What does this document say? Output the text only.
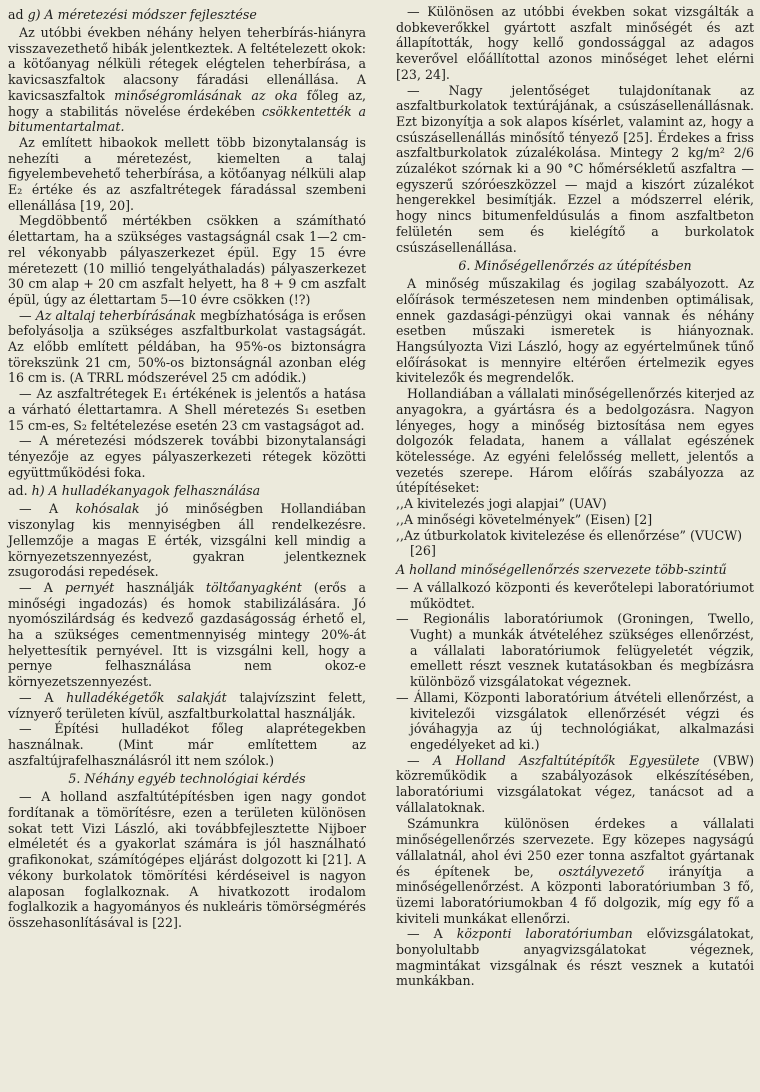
ad g) A méretezési módszer fejlesztése

Az utóbbi években néhány helyen teherbírás-hiányra visszavezethető hibák jelentkeztek. A feltételezett okok: a kötőanyag nélküli rétegek elégtelen teherbírása, a kavicsaszfaltok alacsony fáradási ellenállása. A kavicsaszfaltok minőségromlásának az oka főleg az, hogy a stabilitás növelése érdekében csökkentették a bitumentartalmat.

Az említett hibaokok mellett több bizonytalanság is nehezíti a méretezést, kiemelten a talaj figyelembevehető teherbírása, a kötőanyag nélküli alap E₂ értéke és az aszfaltrétegek fáradással szembeni ellenállása [19, 20].

Megdöbbentő mértékben csökken a számítható élettartam, ha a szükséges vastagságnál csak 1—2 cm-rel vékonyabb pályaszerkezet épül. Egy 15 évre méretezett (10 millió tengelyáthaladás) pályaszerkezet 30 cm alap + 20 cm aszfalt helyett, ha 8 + 9 cm aszfalt épül, úgy az élettartam 5—10 évre csökken (!?)

— Az altalaj teherbírásának megbízhatósága is erősen befolyásolja a szükséges aszfaltburkolat vastagságát. Az előbb említett példában, ha 95%-os biztonságra törekszünk 21 cm, 50%-os biztonságnál azonban elég 16 cm is. (A TRRL módszerével 25 cm adódik.)

— Az aszfaltrétegek E₁ értékének is jelentős a hatása a várható élettartamra. A Shell méretezés S₁ esetben 15 cm-es, S₂ feltételezése esetén 23 cm vastagságot ad.

— A méretezési módszerek további bizonytalansági tényezője az egyes pályaszerkezeti rétegek közötti együttműködési foka.

ad. h) A hulladékanyagok felhasználása

— A kohósalak jó minőségben Hollandiában viszonylag kis mennyiségben áll rendelkezésre. Jellemzője a magas E érték, vizsgálni kell mindig a környezetszennyezést, gyakran jelentkeznek zsugorodási repedések.

— A pernyét használják töltőanyagként (erős a minőségi ingadozás) és homok stabilizálására. Jó nyomószilárdság és kedvező gazdaságosság érhető el, ha a szükséges cementmennyiség mintegy 20%-át helyettesítik pernyével. Itt is vizsgálni kell, hogy a pernye felhasználása nem okoz-e környezetszennyezést.

— A hulladékégetők salakját talajvízszint felett, víznyerő területen kívül, aszfaltburkolattal használják.

— Építési hulladékot főleg alaprétegekben használnak. (Mint már említettem az aszfaltújrafelhasználásról itt nem szólok.)

5. Néhány egyéb technológiai kérdés

— A holland aszfaltútépítésben igen nagy gondot fordítanak a tömörítésre, ezen a területen különösen sokat tett Vizi László, aki továbbfejlesztette Nijboer elméletét és a gyakorlat számára is jól használható grafikonokat, számítógépes eljárást dolgozott ki [21]. A vékony burkolatok tömörítési kérdéseivel is nagyon alaposan foglalkoznak. A hivatkozott irodalom foglalkozik a hagyományos és nukleáris tömörségmérés összehasonlításával is [22].

— Különösen az utóbbi években sokat vizsgálták a dobkeverőkkel gyártott aszfalt minőségét és azt állapították, hogy kellő gondossággal az adagos keverővel előállítottal azonos minőséget lehet elérni [23, 24].

— Nagy jelentőséget tulajdonítanak az aszfaltburkolatok textúrájának, a csúszásellenállásnak. Ezt bizonyítja a sok alapos kísérlet, valamint az, hogy a csúszásellenállás minősítő tényező [25]. Érdekes a friss aszfaltburkolatok zúzalékolása. Mintegy 2 kg/m² 2/6 zúzalékot szórnak ki a 90 °C hőmérsékletű aszfaltra — egyszerű szóróeszközzel — majd a kiszórt zúzalékot hengerekkel besimítják. Ezzel a módszerrel elérik, hogy nincs bitumenfeldúsulás a finom aszfaltbeton felületén sem és kielégítő a burkolatok csúszásellenállása.

6. Minőségellenőrzés az útépítésben

A minőség műszakilag és jogilag szabályozott. Az előírások természetesen nem mindenben optimálisak, ennek gazdasági-pénzügyi okai vannak és néhány esetben műszaki ismeretek is hiányoznak. Hangsúlyozta Vizi László, hogy az egyértelműnek tűnő előírásokat is mennyire eltérően értelmezik egyes kivitelezők és megrendelők.

Hollandiában a vállalati minőségellenőrzés kiterjed az anyagokra, a gyártásra és a bedolgozásra. Nagyon lényeges, hogy a minőség biztosítása nem egyes dolgozók feladata, hanem a vállalat egészének kötelessége. Az egyéni felelősség mellett, jelentős a vezetés szerepe. Három előírás szabályozza az útépítéseket:

,,A kivitelezés jogi alapjai” (UAV)

,,A minőségi követelmények” (Eisen) [2]

,,Az útburkolatok kivitelezése és ellenőrzése” (VUCW) [26]

A holland minőségellenőrzés szervezete több-szintű

— A vállalkozó központi és keverőtelepi laboratóriumot működtet.

— Regionális laboratóriumok (Groningen, Twello, Vught) a munkák átvételéhez szükséges ellenőrzést, a vállalati laboratóriumok felügyeletét végzik, emellett részt vesznek kutatásokban és megbízásra különböző vizsgálatokat végeznek.

— Állami, Központi laboratórium átvételi ellenőrzést, a kivitelezői vizsgálatok ellenőrzését végzi és jóváhagyja az új technológiákat, alkalmazási engedélyeket ad ki.)

— A Holland Aszfaltútépítők Egyesülete (VBW) közreműködik a szabályozások elkészítésében, laboratóriumi vizsgálatokat végez, tanácsot ad a vállalatoknak.

Számunkra különösen érdekes a vállalati minőségellenőrzés szervezete. Egy közepes nagyságú vállalatnál, ahol évi 250 ezer tonna aszfaltot gyártanak és építenek be, osztályvezető irányítja a minőségellenőrzést. A központi laboratóriumban 3 fő, üzemi laboratóriumokban 4 fő dolgozik, míg egy fő a kiviteli munkákat ellenőrzi.

— A központi laboratóriumban elővizsgálatokat, bonyolultabb anyagvizsgálatokat végeznek, magmintákat vizsgálnak és részt vesznek a kutatói munkákban.
